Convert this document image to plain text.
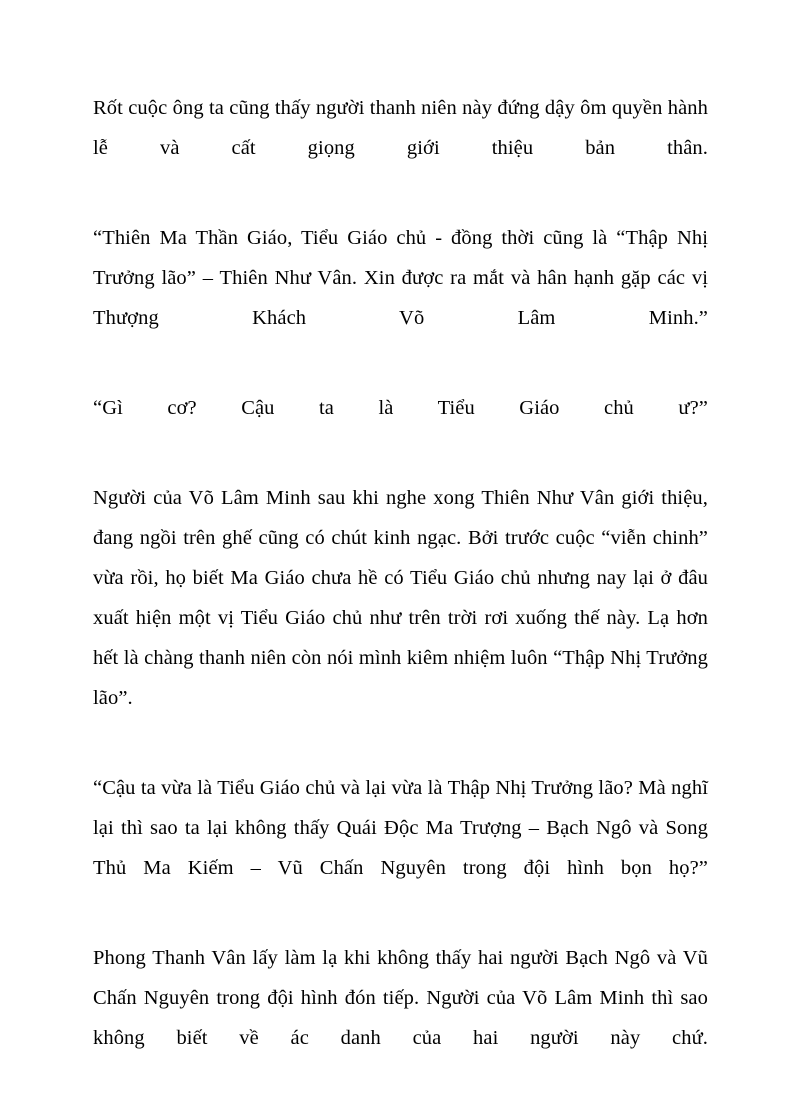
Rốt cuộc ông ta cũng thấy người thanh niên này đứng dậy ôm quyền hành lễ và cất giọng giới thiệu bản thân.

“Thiên Ma Thần Giáo, Tiểu Giáo chủ - đồng thời cũng là “Thập Nhị Trưởng lão” – Thiên Như Vân. Xin được ra mắt và hân hạnh gặp các vị Thượng Khách Võ Lâm Minh.”

“Gì cơ? Cậu ta là Tiểu Giáo chủ ư?”

Người của Võ Lâm Minh sau khi nghe xong Thiên Như Vân giới thiệu, đang ngồi trên ghế cũng có chút kinh ngạc. Bởi trước cuộc “viễn chinh” vừa rồi, họ biết Ma Giáo chưa hề có Tiểu Giáo chủ nhưng nay lại ở đâu xuất hiện một vị Tiểu Giáo chủ như trên trời rơi xuống thế này. Lạ hơn hết là chàng thanh niên còn nói mình kiêm nhiệm luôn “Thập Nhị Trưởng lão”.

“Cậu ta vừa là Tiểu Giáo chủ và lại vừa là Thập Nhị Trưởng lão? Mà nghĩ lại thì sao ta lại không thấy Quái Độc Ma Trượng – Bạch Ngô và Song Thủ Ma Kiếm – Vũ Chấn Nguyên trong đội hình bọn họ?”

Phong Thanh Vân lấy làm lạ khi không thấy hai người Bạch Ngô và Vũ Chấn Nguyên trong đội hình đón tiếp. Người của Võ Lâm Minh thì sao không biết về ác danh của hai người này chứ.
